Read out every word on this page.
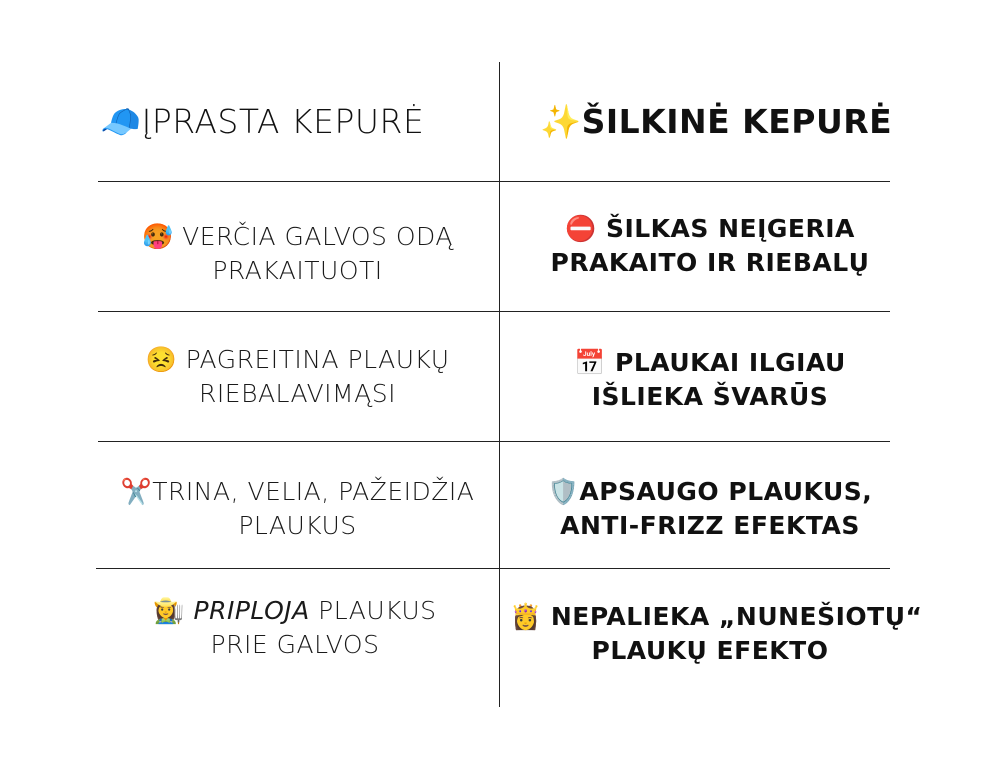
🧢ĮPRASTA KEPURĖ	✨ŠILKINĖ KEPURĖ
🥵 VERČIA GALVOS ODĄ
PRAKAITUOTI
⛔ ŠILKAS NEĮGERIA
PRAKAITO IR RIEBALŲ
😣 PAGREITINA PLAUKŲ
RIEBALAVIMĄSI
📅 PLAUKAI ILGIAU
IŠLIEKA ŠVARŪS
✂️TRINA, VELIA, PAŽEIDŽIA
PLAUKUS
🛡️APSAUGO PLAUKUS,
ANTI-FRIZZ EFEKTAS
👩‍🌾 PRIPLOJA PLAUKUS
PRIE GALVOS
👸 NEPALIEKA „NUNEŠIOTŲ“
PLAUKŲ EFEKTO
